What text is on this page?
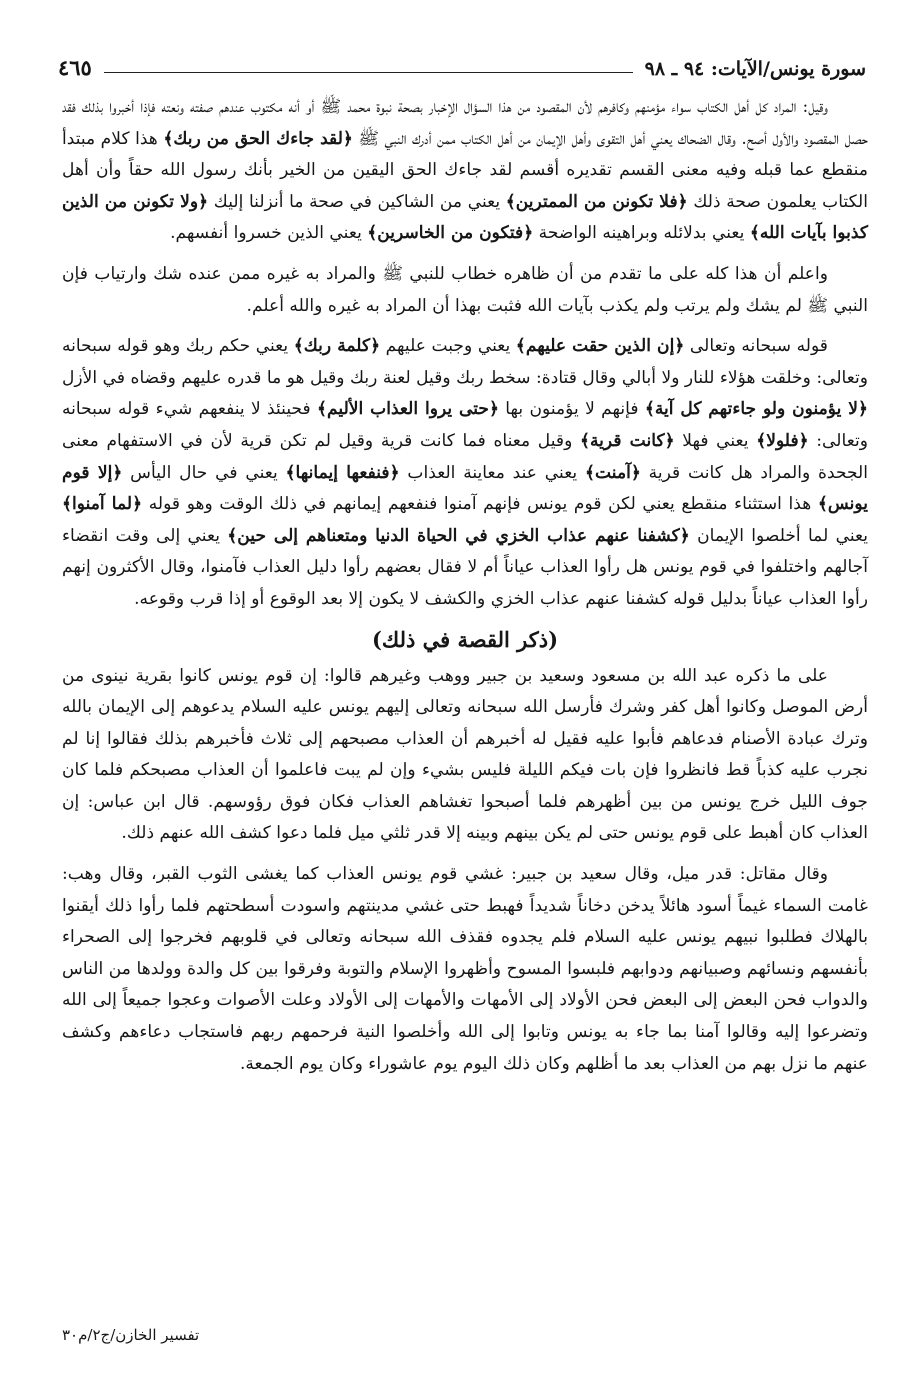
سورة يونس/الآيات: ٩٤ ـ ٩٨
٤٦٥

وقيل: المراد كل أهل الكتاب سواء مؤمنهم وكافرهم لأن المقصود من هذا السؤال الإخبار بصحة نبوة محمد ﷺ أو أنه مكتوب عندهم صفته ونعته فإذا أخبروا بذلك فقد حصل المقصود والأول أصح. وقال الضحاك يعني أهل التقوى وأهل الإيمان من أهل الكتاب ممن أدرك النبي ﷺ ﴿لقد جاءك الحق من ربك﴾ هذا كلام مبتدأ منقطع عما قبله وفيه معنى القسم تقديره أقسم لقد جاءك الحق اليقين من الخير بأنك رسول الله حقاً وأن أهل الكتاب يعلمون صحة ذلك ﴿فلا تكونن من الممترين﴾ يعني من الشاكين في صحة ما أنزلنا إليك ﴿ولا تكونن من الذين كذبوا بآيات الله﴾ يعني بدلائله وبراهينه الواضحة ﴿فتكون من الخاسرين﴾ يعني الذين خسروا أنفسهم.

واعلم أن هذا كله على ما تقدم من أن ظاهره خطاب للنبي ﷺ والمراد به غيره ممن عنده شك وارتياب فإن النبي ﷺ لم يشك ولم يرتب ولم يكذب بآيات الله فثبت بهذا أن المراد به غيره والله أعلم.

قوله سبحانه وتعالى ﴿إن الذين حقت عليهم﴾ يعني وجبت عليهم ﴿كلمة ربك﴾ يعني حكم ربك وهو قوله سبحانه وتعالى: وخلقت هؤلاء للنار ولا أبالي وقال قتادة: سخط ربك وقيل لعنة ربك وقيل هو ما قدره عليهم وقضاه في الأزل ﴿لا يؤمنون ولو جاءتهم كل آية﴾ فإنهم لا يؤمنون بها ﴿حتى يروا العذاب الأليم﴾ فحينئذ لا ينفعهم شيء قوله سبحانه وتعالى: ﴿فلولا﴾ يعني فهلا ﴿كانت قرية﴾ وقيل معناه فما كانت قرية وقيل لم تكن قرية لأن في الاستفهام معنى الجحدة والمراد هل كانت قرية ﴿آمنت﴾ يعني عند معاينة العذاب ﴿فنفعها إيمانها﴾ يعني في حال اليأس ﴿إلا قوم يونس﴾ هذا استثناء منقطع يعني لكن قوم يونس فإنهم آمنوا فنفعهم إيمانهم في ذلك الوقت وهو قوله ﴿لما آمنوا﴾ يعني لما أخلصوا الإيمان ﴿كشفنا عنهم عذاب الخزي في الحياة الدنيا ومتعناهم إلى حين﴾ يعني إلى وقت انقضاء آجالهم واختلفوا في قوم يونس هل رأوا العذاب عياناً أم لا فقال بعضهم رأوا دليل العذاب فآمنوا، وقال الأكثرون إنهم رأوا العذاب عياناً بدليل قوله كشفنا عنهم عذاب الخزي والكشف لا يكون إلا بعد الوقوع أو إذا قرب وقوعه.

(ذكر القصة في ذلك)

على ما ذكره عبد الله بن مسعود وسعيد بن جبير ووهب وغيرهم قالوا: إن قوم يونس كانوا بقرية نينوى من أرض الموصل وكانوا أهل كفر وشرك فأرسل الله سبحانه وتعالى إليهم يونس عليه السلام يدعوهم إلى الإيمان بالله وترك عبادة الأصنام فدعاهم فأبوا عليه فقيل له أخبرهم أن العذاب مصبحهم إلى ثلاث فأخبرهم بذلك فقالوا إنا لم نجرب عليه كذباً قط فانظروا فإن بات فيكم الليلة فليس بشيء وإن لم يبت فاعلموا أن العذاب مصبحكم فلما كان جوف الليل خرج يونس من بين أظهرهم فلما أصبحوا تغشاهم العذاب فكان فوق رؤوسهم. قال ابن عباس: إن العذاب كان أهبط على قوم يونس حتى لم يكن بينهم وبينه إلا قدر ثلثي ميل فلما دعوا كشف الله عنهم ذلك.

وقال مقاتل: قدر ميل، وقال سعيد بن جبير: غشي قوم يونس العذاب كما يغشى الثوب القبر، وقال وهب: غامت السماء غيماً أسود هائلاً يدخن دخاناً شديداً فهبط حتى غشي مدينتهم واسودت أسطحتهم فلما رأوا ذلك أيقنوا بالهلاك فطلبوا نبيهم يونس عليه السلام فلم يجدوه فقذف الله سبحانه وتعالى في قلوبهم فخرجوا إلى الصحراء بأنفسهم ونسائهم وصبيانهم ودوابهم فلبسوا المسوح وأظهروا الإسلام والتوبة وفرقوا بين كل والدة وولدها من الناس والدواب فحن البعض إلى البعض فحن الأولاد إلى الأمهات والأمهات إلى الأولاد وعلت الأصوات وعجوا جميعاً إلى الله وتضرعوا إليه وقالوا آمنا بما جاء به يونس وتابوا إلى الله وأخلصوا النية فرحمهم ربهم فاستجاب دعاءهم وكشف عنهم ما نزل بهم من العذاب بعد ما أظلهم وكان ذلك اليوم يوم عاشوراء وكان يوم الجمعة.

تفسير الخازن/ج٢/م٣٠
